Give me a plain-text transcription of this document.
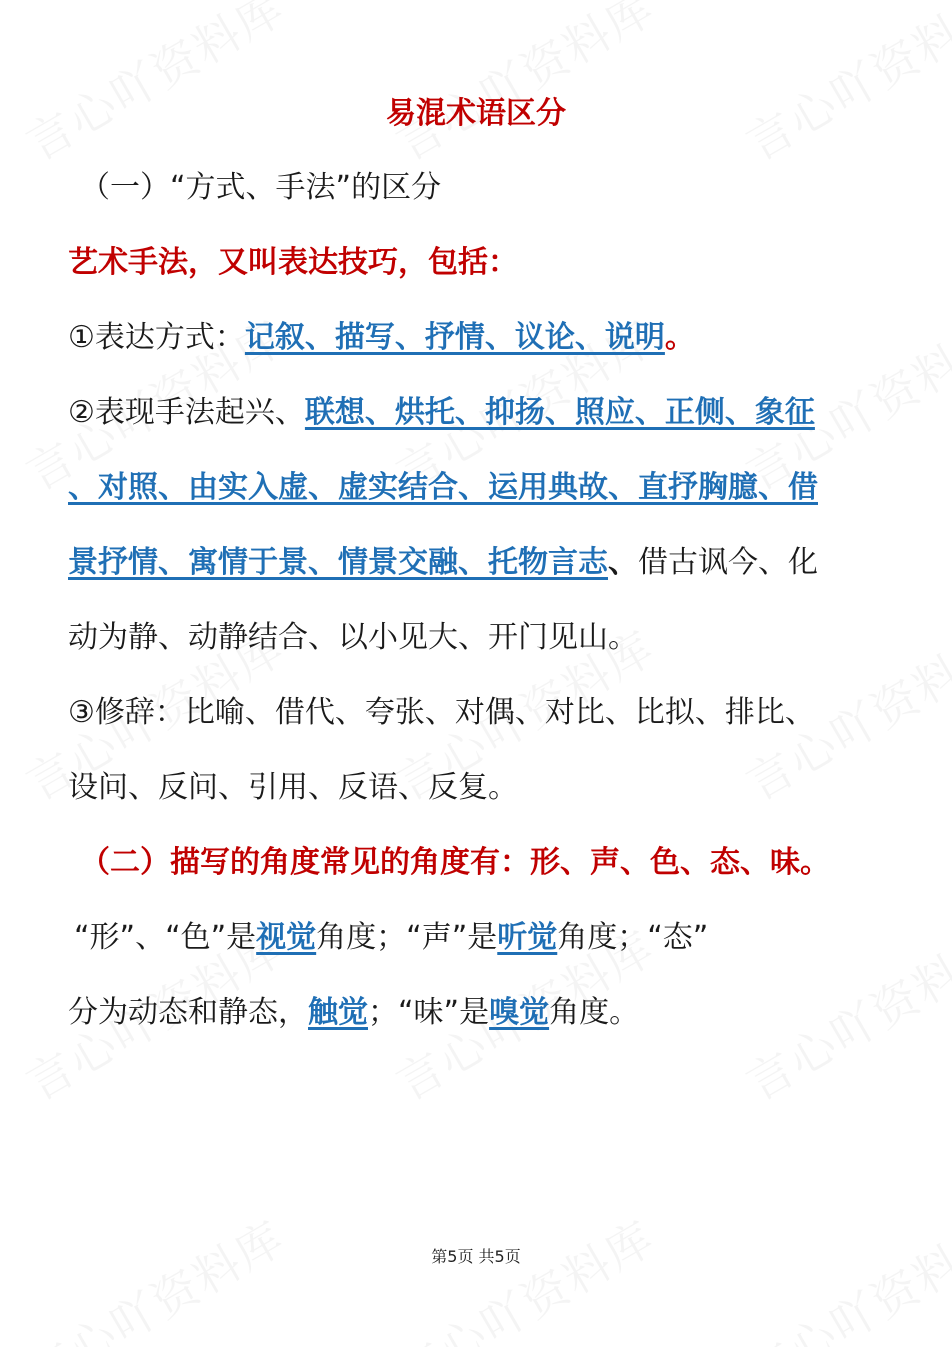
易混术语区分

（一）“方式、手法”的区分

艺术手法，又叫表达技巧，包括：

①表达方式：记叙、描写、抒情、议论、说明。

②表现手法起兴、联想、烘托、抑扬、照应、正侧、象征

、对照、由实入虚、虚实结合、运用典故、直抒胸臆、借

景抒情、寓情于景、情景交融、托物言志、借古讽今、化

动为静、动静结合、以小见大、开门见山。

③修辞：比喻、借代、夸张、对偶、对比、比拟、排比、

设问、反问、引用、反语、反复。

（二）描写的角度常见的角度有：形、声、色、态、味。

“形”、“色”是视觉角度；“声”是听觉角度；“态”

分为动态和静态，触觉；“味”是嗅觉角度。

第5页 共5页
